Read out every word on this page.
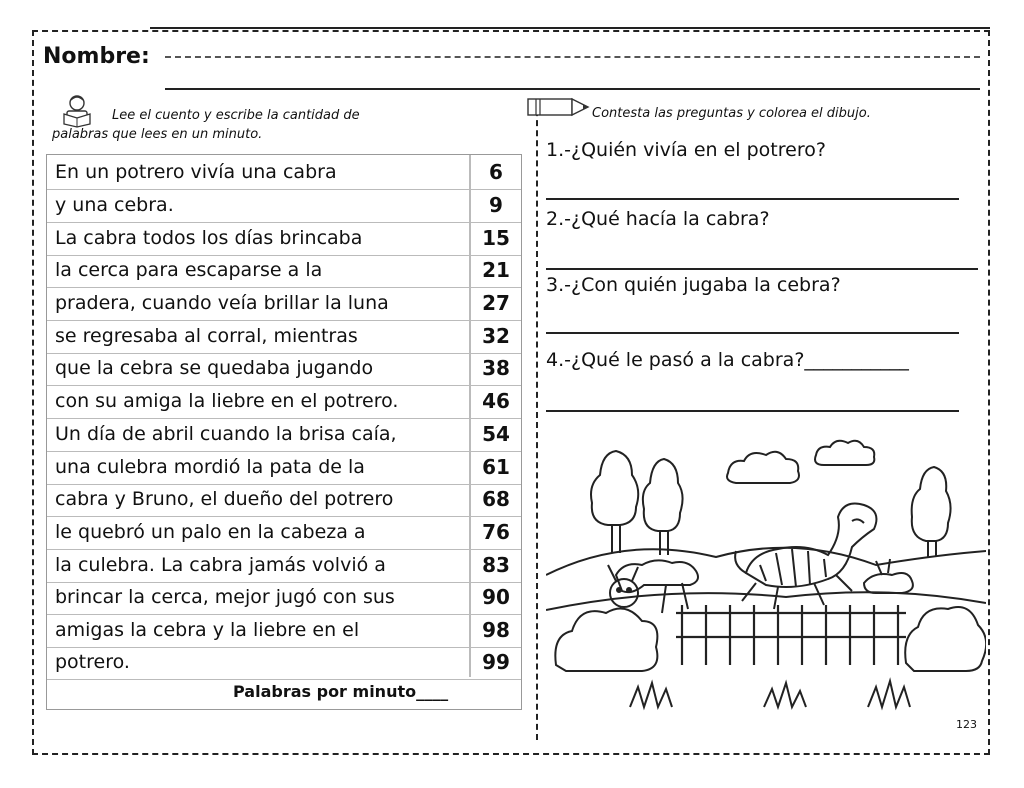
Nombre:
Lee el cuento y escribe la cantidad de
palabras que lees en un minuto.
Contesta las preguntas y colorea el dibujo.
En un potrero vivía una cabra	6
y una cebra.	9
La cabra todos los días brincaba	15
la cerca para escaparse a la	21
pradera, cuando veía brillar la luna	27
se regresaba al corral, mientras	32
que la cebra se quedaba jugando	38
con su amiga la liebre en el potrero.	46
Un día de abril cuando la brisa caía,	54
una culebra mordió la pata de la	61
cabra y Bruno, el dueño del potrero	68
le quebró un palo en la cabeza a	76
la culebra. La cabra jamás volvió a	83
brincar la cerca, mejor jugó con sus	90
amigas la cebra y la liebre en el	98
potrero.	99
Palabras por minuto____
1.-¿Quién vivía en el potrero?
2.-¿Qué hacía la cabra?
3.-¿Con quién jugaba la cebra?
4.-¿Qué le pasó a la cabra?___________
123
